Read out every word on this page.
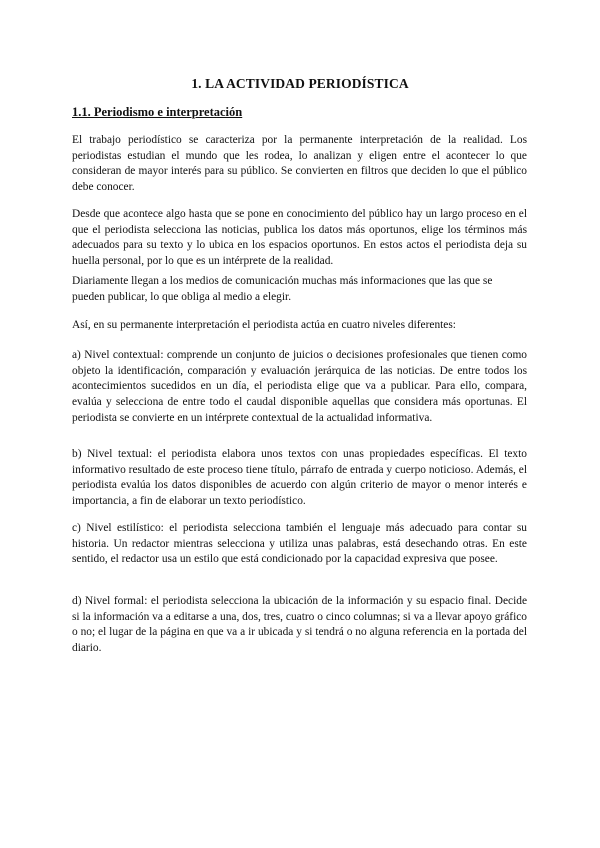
1. LA ACTIVIDAD PERIODÍSTICA
1.1. Periodismo e interpretación
El trabajo periodístico se caracteriza por la permanente interpretación de la realidad. Los periodistas estudian el mundo que les rodea, lo analizan y eligen entre el acontecer lo que consideran de mayor interés para su público. Se convierten en filtros que deciden lo que el público debe conocer.
Desde que acontece algo hasta que se pone en conocimiento del público hay un largo proceso en el que el periodista selecciona las noticias, publica los datos más oportunos, elige los términos más adecuados para su texto y lo ubica en los espacios oportunos. En estos actos el periodista deja su huella personal, por lo que es un intérprete de la realidad.
Diariamente llegan a los medios de comunicación muchas más informaciones que las que se pueden publicar, lo que obliga al medio a elegir.
Así, en su permanente interpretación el periodista actúa en cuatro niveles diferentes:
a) Nivel contextual: comprende un conjunto de juicios o decisiones profesionales que tienen como objeto la identificación, comparación y evaluación jerárquica de las noticias. De entre todos los acontecimientos sucedidos en un día, el periodista elige que va a publicar. Para ello, compara, evalúa y selecciona de entre todo el caudal disponible aquellas que considera más oportunas. El periodista se convierte en un intérprete contextual de la actualidad informativa.
b) Nivel textual: el periodista elabora unos textos con unas propiedades específicas. El texto informativo resultado de este proceso tiene título, párrafo de entrada y cuerpo noticioso. Además, el periodista evalúa los datos disponibles de acuerdo con algún criterio de mayor o menor interés e importancia, a fin de elaborar un texto periodístico.
c) Nivel estilístico: el periodista selecciona también el lenguaje más adecuado para contar su historia. Un redactor mientras selecciona y utiliza unas palabras, está desechando otras. En este sentido, el redactor usa un estilo que está condicionado por la capacidad expresiva que posee.
d) Nivel formal: el periodista selecciona la ubicación de la información y su espacio final. Decide si la información va a editarse a una, dos, tres, cuatro o cinco columnas; si va a llevar apoyo gráfico o no; el lugar de la página en que va a ir ubicada y si tendrá o no alguna referencia en la portada del diario.
